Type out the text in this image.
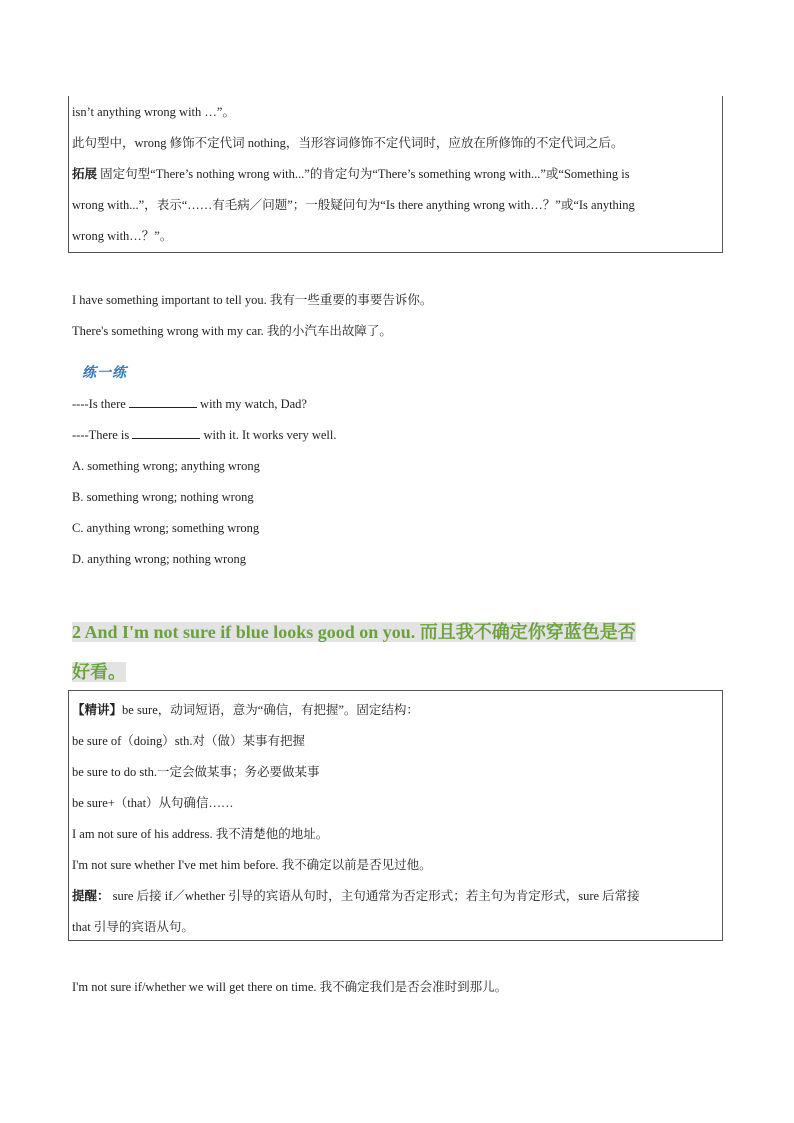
isn’t anything wrong with …”。
此句型中，wrong 修饰不定代词 nothing，当形容词修饰不定代词时，应放在所修饰的不定代词之后。
拓展 固定句型“There’s nothing wrong with...”的肯定句为“There’s something wrong with...”或“Something is
wrong with...”，表示“……有毛病／问题”；一般疑问句为“Is there anything wrong with…？”或“Is anything
wrong with…？”。
I have something important to tell you. 我有一些重要的事要告诉你。
There's something wrong with my car. 我的小汽车出故障了。
练一练
----Is there	with my watch, Dad?
----There is	with it. It works very well.
A. something wrong; anything wrong
B. something wrong; nothing wrong
C. anything wrong; something wrong
D. anything wrong; nothing wrong
2 And I'm not sure if blue looks good on you. 而且我不确定你穿蓝色是否
好看。
【精讲】be sure，动词短语，意为“确信，有把握”。固定结构：
be sure of（doing）sth.对（做）某事有把握
be sure to do sth.一定会做某事；务必要做某事
be sure+（that）从句确信……
I am not sure of his address. 我不清楚他的地址。
I'm not sure whether I've met him before. 我不确定以前是否见过他。
提醒： sure 后接 if／whether 引导的宾语从句时，主句通常为否定形式；若主句为肯定形式，sure 后常接
that 引导的宾语从句。
I'm not sure if/whether we will get there on time. 我不确定我们是否会准时到那儿。
